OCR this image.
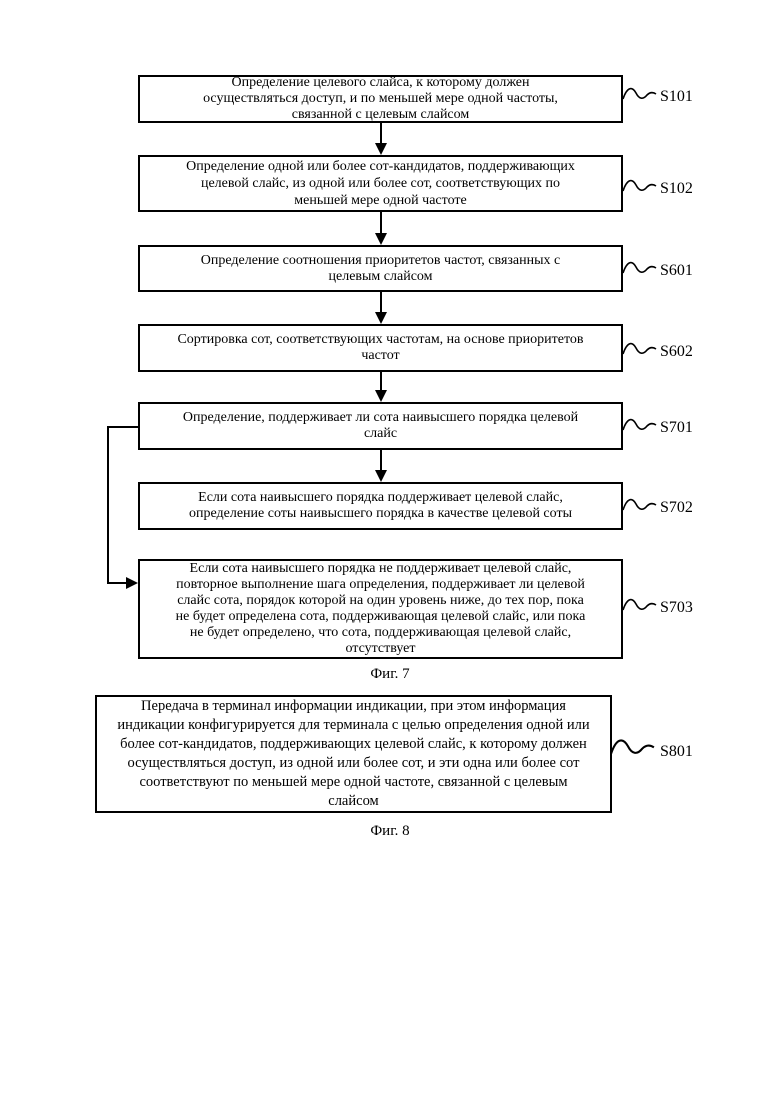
Определение целевого слайса, к которому должен
осуществляться доступ, и по меньшей мере одной частоты,
связанной с целевым слайсом
Определение одной или более сот-кандидатов, поддерживающих
целевой слайс, из одной или более сот, соответствующих по
меньшей мере одной частоте
Определение соотношения приоритетов частот, связанных с
целевым слайсом
Сортировка сот, соответствующих частотам, на основе приоритетов
частот
Определение, поддерживает ли сота наивысшего порядка целевой
слайс
Если сота наивысшего порядка поддерживает целевой слайс,
определение соты наивысшего порядка в качестве целевой соты
Если сота наивысшего порядка не поддерживает целевой слайс,
повторное выполнение шага определения, поддерживает ли целевой
слайс сота, порядок которой на один уровень ниже, до тех пор, пока
не будет определена сота, поддерживающая целевой слайс, или пока
не будет определено, что сота, поддерживающая целевой слайс,
отсутствует
Передача в терминал информации индикации, при этом информация
индикации конфигурируется для терминала с целью определения одной или
более сот-кандидатов, поддерживающих целевой слайс, к которому должен
осуществляться доступ, из одной или более сот, и эти одна или более сот
соответствуют по меньшей мере одной частоте, связанной с целевым
слайсом
S101
S102
S601
S602
S701
S702
S703
S801
Фиг. 7
Фиг. 8
